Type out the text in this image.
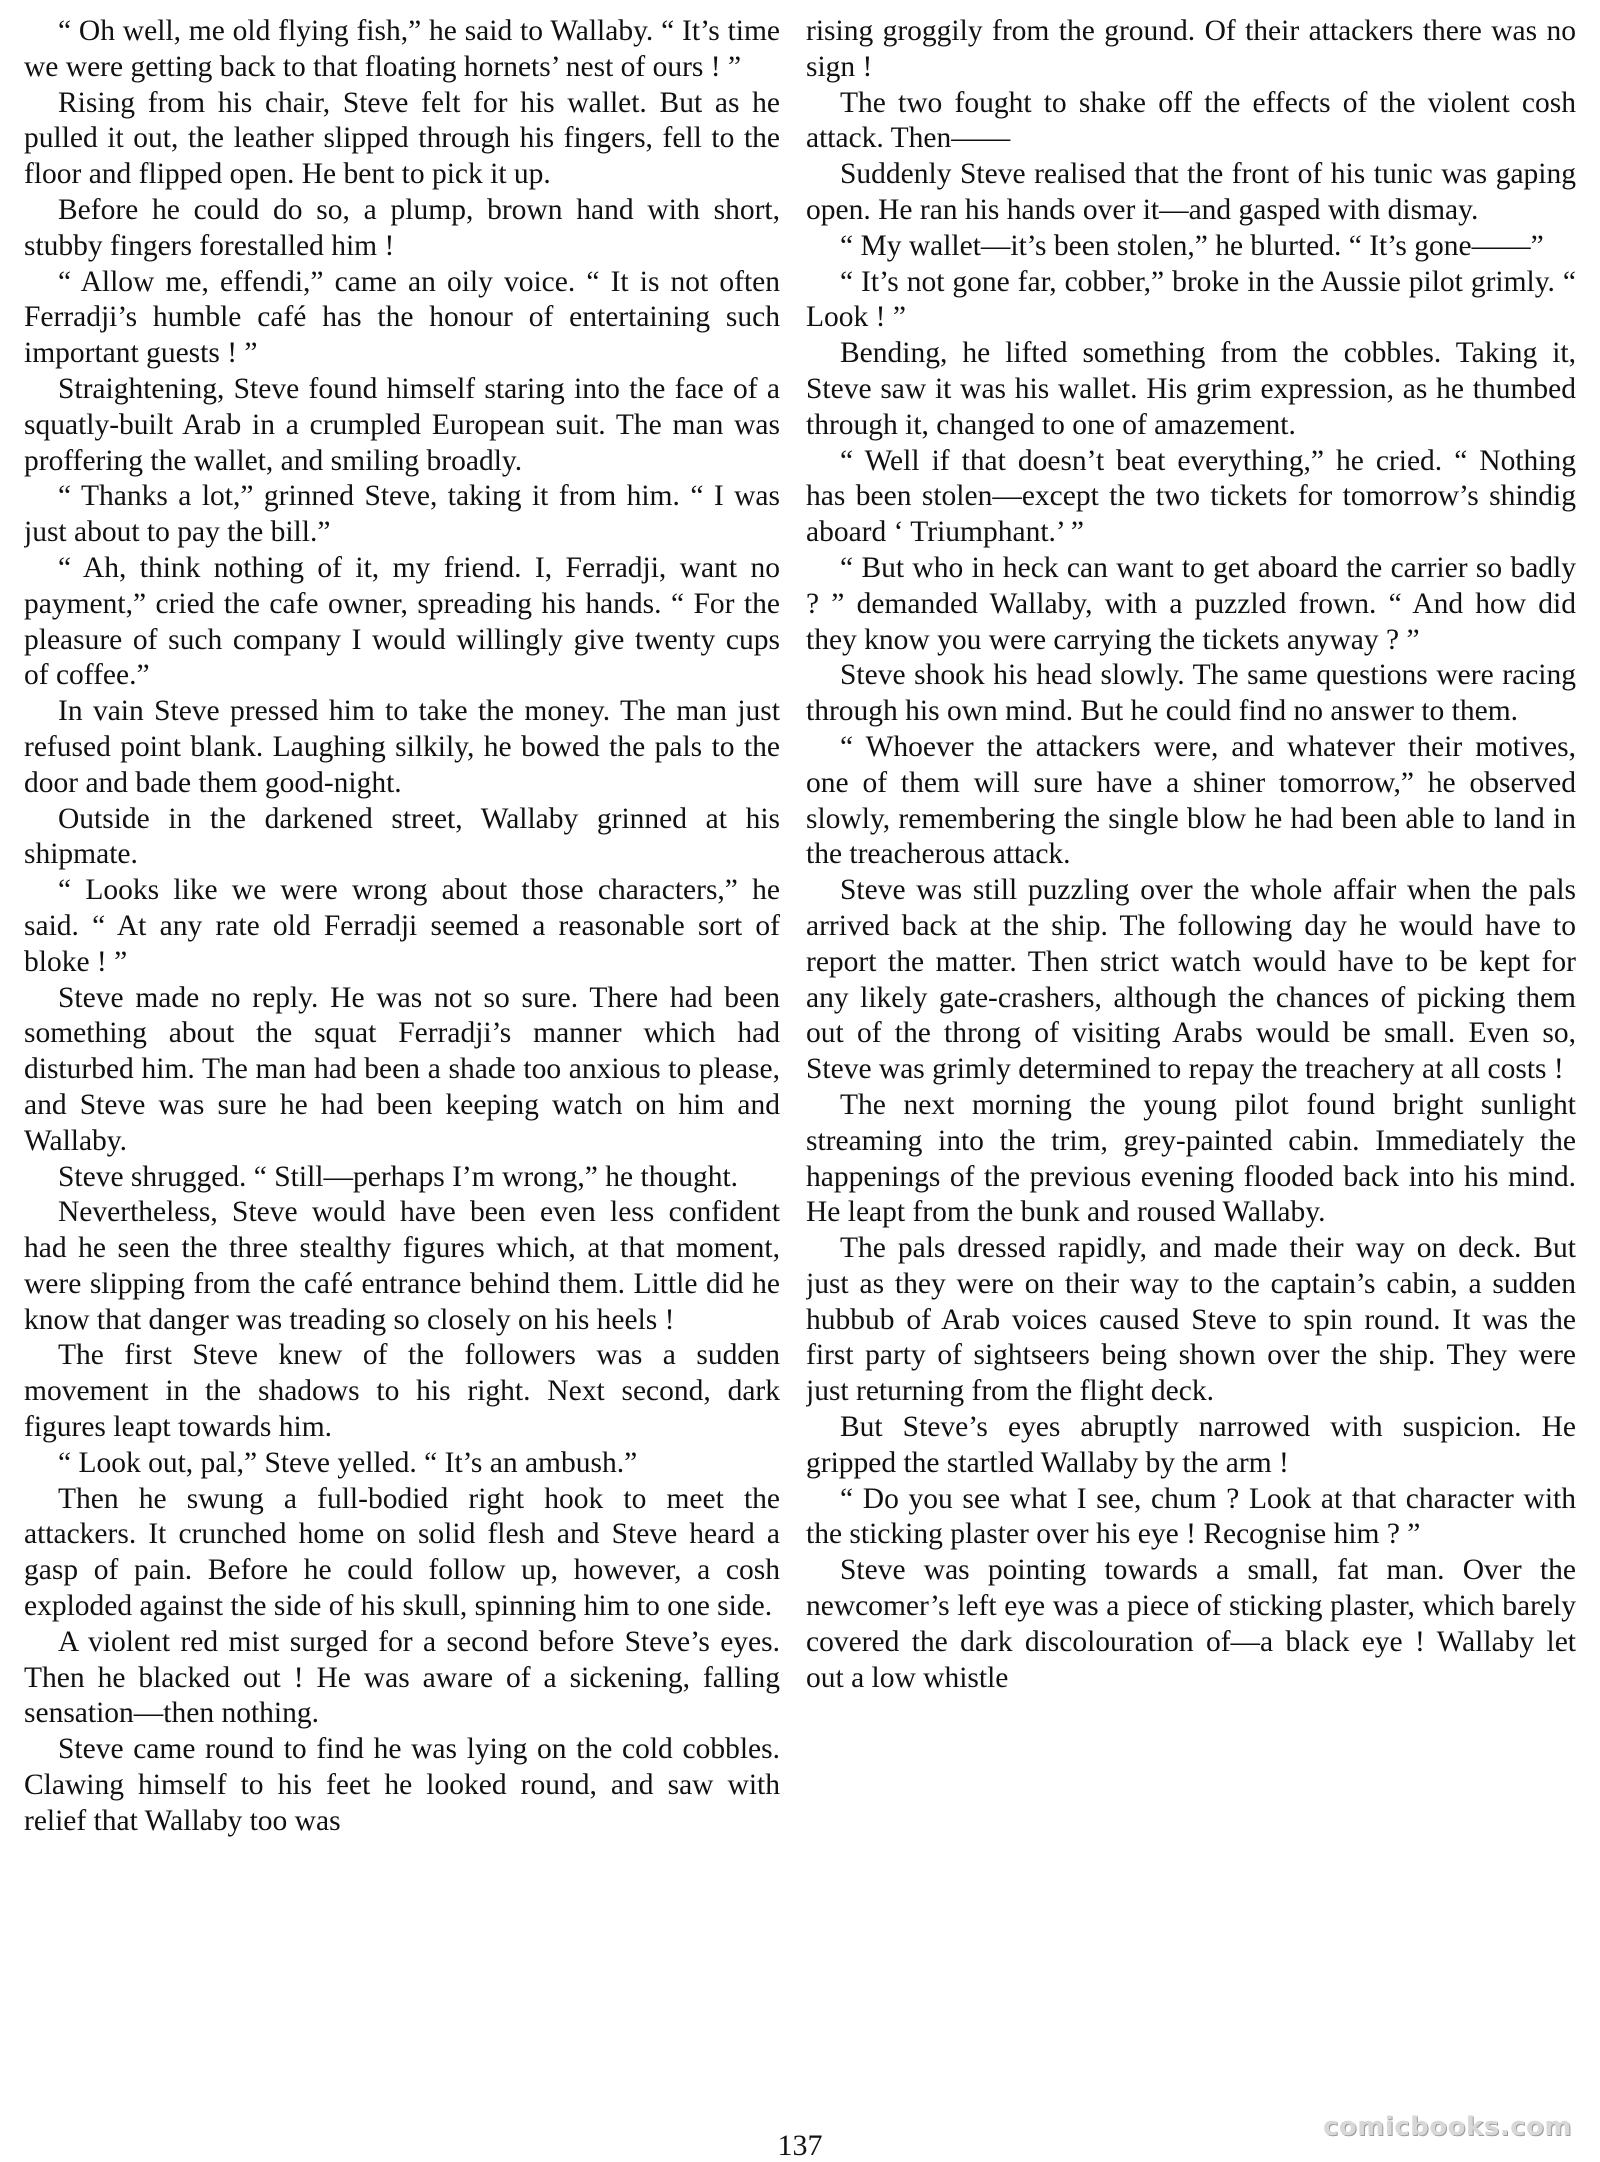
“ Oh well, me old flying fish,” he said to Wallaby. “ It’s time we were getting back to that floating hornets’ nest of ours ! ”

Rising from his chair, Steve felt for his wallet. But as he pulled it out, the leather slipped through his fingers, fell to the floor and flipped open. He bent to pick it up.

Before he could do so, a plump, brown hand with short, stubby fingers forestalled him !

“ Allow me, effendi,” came an oily voice. “ It is not often Ferradji’s humble café has the honour of entertaining such important guests ! ”

Straightening, Steve found himself staring into the face of a squatly-built Arab in a crumpled European suit. The man was proffering the wallet, and smiling broadly.

“ Thanks a lot,” grinned Steve, taking it from him. “ I was just about to pay the bill.”

“ Ah, think nothing of it, my friend. I, Ferradji, want no payment,” cried the cafe owner, spreading his hands. “ For the pleasure of such company I would willingly give twenty cups of coffee.”

In vain Steve pressed him to take the money. The man just refused point blank. Laughing silkily, he bowed the pals to the door and bade them good-night.

Outside in the darkened street, Wallaby grinned at his shipmate.

“ Looks like we were wrong about those characters,” he said. “ At any rate old Ferradji seemed a reasonable sort of bloke ! ”

Steve made no reply. He was not so sure. There had been something about the squat Ferradji’s manner which had disturbed him. The man had been a shade too anxious to please, and Steve was sure he had been keeping watch on him and Wallaby.

Steve shrugged. “ Still—perhaps I’m wrong,” he thought.

Nevertheless, Steve would have been even less confident had he seen the three stealthy figures which, at that moment, were slipping from the café entrance behind them. Little did he know that danger was treading so closely on his heels !

The first Steve knew of the followers was a sudden movement in the shadows to his right. Next second, dark figures leapt towards him.

“ Look out, pal,” Steve yelled. “ It’s an ambush.”

Then he swung a full-bodied right hook to meet the attackers. It crunched home on solid flesh and Steve heard a gasp of pain. Before he could follow up, however, a cosh exploded against the side of his skull, spinning him to one side.

A violent red mist surged for a second before Steve’s eyes. Then he blacked out ! He was aware of a sickening, falling sensation—then nothing.

Steve came round to find he was lying on the cold cobbles. Clawing himself to his feet he looked round, and saw with relief that Wallaby too was

rising groggily from the ground. Of their attackers there was no sign !

The two fought to shake off the effects of the violent cosh attack. Then——

Suddenly Steve realised that the front of his tunic was gaping open. He ran his hands over it—and gasped with dismay.

“ My wallet—it’s been stolen,” he blurted. “ It’s gone——”

“ It’s not gone far, cobber,” broke in the Aussie pilot grimly. “ Look ! ”

Bending, he lifted something from the cobbles. Taking it, Steve saw it was his wallet. His grim expression, as he thumbed through it, changed to one of amazement.

“ Well if that doesn’t beat everything,” he cried. “ Nothing has been stolen—except the two tickets for tomorrow’s shindig aboard ‘ Triumphant.’ ”

“ But who in heck can want to get aboard the carrier so badly ? ” demanded Wallaby, with a puzzled frown. “ And how did they know you were carrying the tickets anyway ? ”

Steve shook his head slowly. The same questions were racing through his own mind. But he could find no answer to them.

“ Whoever the attackers were, and whatever their motives, one of them will sure have a shiner tomorrow,” he observed slowly, remembering the single blow he had been able to land in the treacherous attack.

Steve was still puzzling over the whole affair when the pals arrived back at the ship. The following day he would have to report the matter. Then strict watch would have to be kept for any likely gate-crashers, although the chances of picking them out of the throng of visiting Arabs would be small. Even so, Steve was grimly determined to repay the treachery at all costs !

The next morning the young pilot found bright sunlight streaming into the trim, grey-painted cabin. Immediately the happenings of the previous evening flooded back into his mind. He leapt from the bunk and roused Wallaby.

The pals dressed rapidly, and made their way on deck. But just as they were on their way to the captain’s cabin, a sudden hubbub of Arab voices caused Steve to spin round. It was the first party of sightseers being shown over the ship. They were just returning from the flight deck.

But Steve’s eyes abruptly narrowed with suspicion. He gripped the startled Wallaby by the arm !

“ Do you see what I see, chum ? Look at that character with the sticking plaster over his eye ! Recognise him ? ”

Steve was pointing towards a small, fat man. Over the newcomer’s left eye was a piece of sticking plaster, which barely covered the dark discolouration of—a black eye ! Wallaby let out a low whistle

comicbooks.com
137
